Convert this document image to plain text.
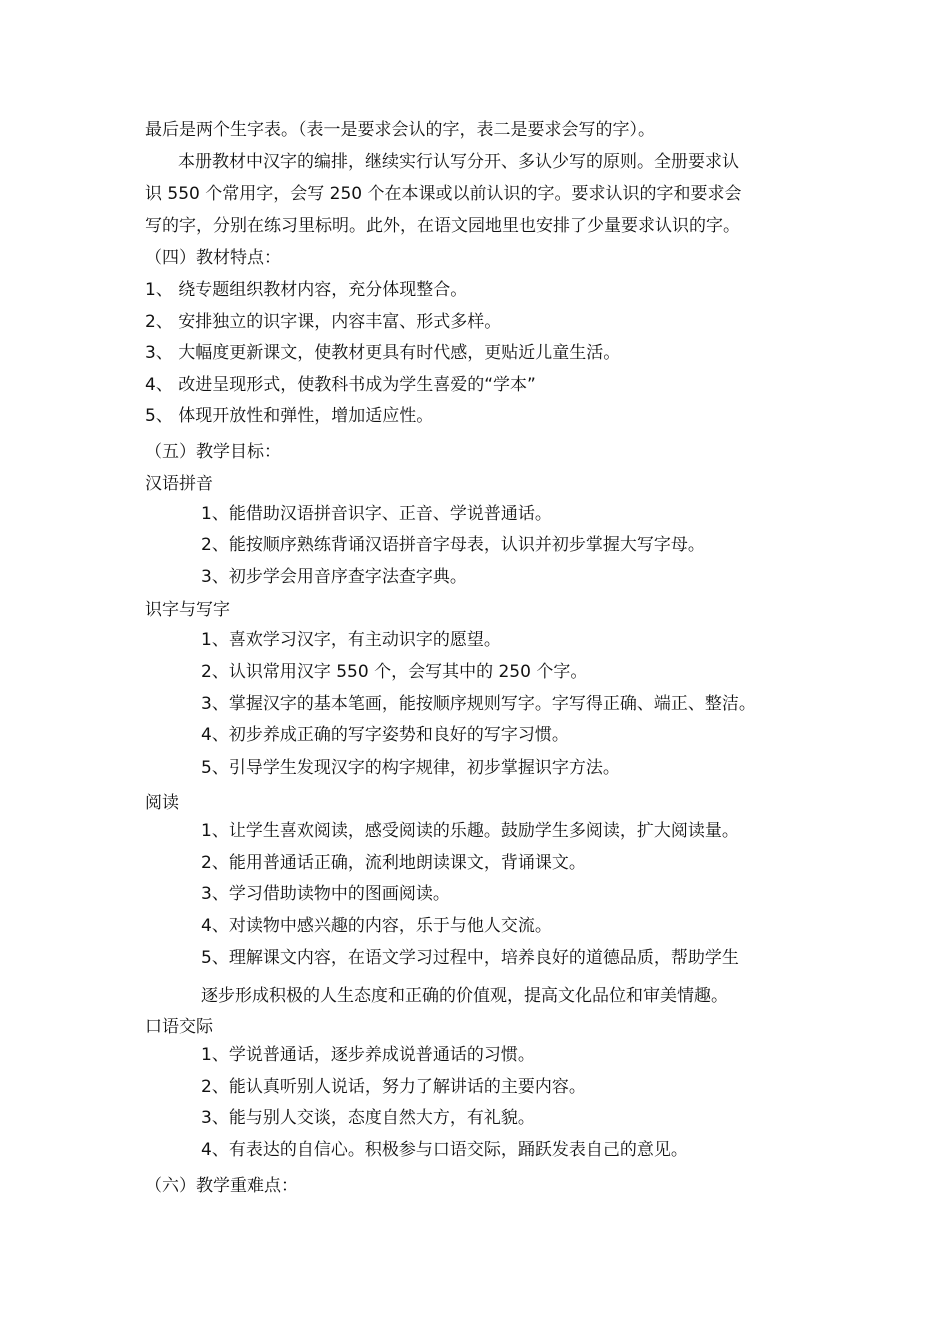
最后是两个生字表。（表一是要求会认的字，表二是要求会写的字）。
本册教材中汉字的编排，继续实行认写分开、多认少写的原则。全册要求认
识 550 个常用字，会写 250 个在本课或以前认识的字。要求认识的字和要求会
写的字，分别在练习里标明。此外，在语文园地里也安排了少量要求认识的字。
（四）教材特点：
1、 绕专题组织教材内容，充分体现整合。
2、 安排独立的识字课，内容丰富、形式多样。
3、 大幅度更新课文，使教材更具有时代感，更贴近儿童生活。
4、 改进呈现形式，使教科书成为学生喜爱的“学本”
5、 体现开放性和弹性，增加适应性。
（五）教学目标：
汉语拼音
1、能借助汉语拼音识字、正音、学说普通话。
2、能按顺序熟练背诵汉语拼音字母表，认识并初步掌握大写字母。
3、初步学会用音序查字法查字典。
识字与写字
1、喜欢学习汉字，有主动识字的愿望。
2、认识常用汉字 550 个，会写其中的 250 个字。
3、掌握汉字的基本笔画，能按顺序规则写字。字写得正确、端正、整洁。
4、初步养成正确的写字姿势和良好的写字习惯。
5、引导学生发现汉字的构字规律，初步掌握识字方法。
阅读
1、让学生喜欢阅读，感受阅读的乐趣。鼓励学生多阅读，扩大阅读量。
2、能用普通话正确，流利地朗读课文，背诵课文。
3、学习借助读物中的图画阅读。
4、对读物中感兴趣的内容，乐于与他人交流。
5、理解课文内容，在语文学习过程中，培养良好的道德品质，帮助学生
逐步形成积极的人生态度和正确的价值观，提高文化品位和审美情趣。
口语交际
1、学说普通话，逐步养成说普通话的习惯。
2、能认真听别人说话，努力了解讲话的主要内容。
3、能与别人交谈，态度自然大方，有礼貌。
4、有表达的自信心。积极参与口语交际，踊跃发表自己的意见。
（六）教学重难点：
